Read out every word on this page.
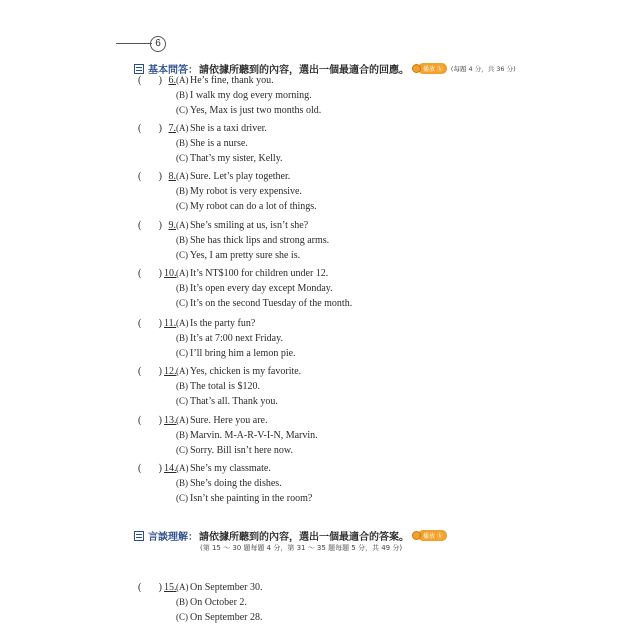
6
基本問答： 請依據所聽到的內容，選出一個最適合的回應。	播放 ⓑ	(每題 4 分，共 36 分)
言談理解： 請依據所聽到的內容，選出一個最適合的答案。	播放 ⓑ
(第 15 ～ 30 題每題 4 分，第 31 ～ 35 題每題 5 分，共 49 分)
( ) 6. (A) He’s fine, thank you.
(B) I walk my dog every morning.
(C) Yes, Max is just two months old.
( ) 7. (A) She is a taxi driver.
(B) She is a nurse.
(C) That’s my sister, Kelly.
( ) 8. (A) Sure. Let’s play together.
(B) My robot is very expensive.
(C) My robot can do a lot of things.
( ) 9. (A) She’s smiling at us, isn’t she?
(B) She has thick lips and strong arms.
(C) Yes, I am pretty sure she is.
( ) 10. (A) It’s NT$100 for children under 12.
(B) It’s open every day except Monday.
(C) It’s on the second Tuesday of the month.
( ) 11. (A) Is the party fun?
(B) It’s at 7:00 next Friday.
(C) I’ll bring him a lemon pie.
( ) 12. (A) Yes, chicken is my favorite.
(B) The total is $120.
(C) That’s all. Thank you.
( ) 13. (A) Sure. Here you are.
(B) Marvin. M-A-R-V-I-N, Marvin.
(C) Sorry. Bill isn’t here now.
( ) 14. (A) She’s my classmate.
(B) She’s doing the dishes.
(C) Isn’t she painting in the room?
( ) 15. (A) On September 30.
(B) On October 2.
(C) On September 28.
